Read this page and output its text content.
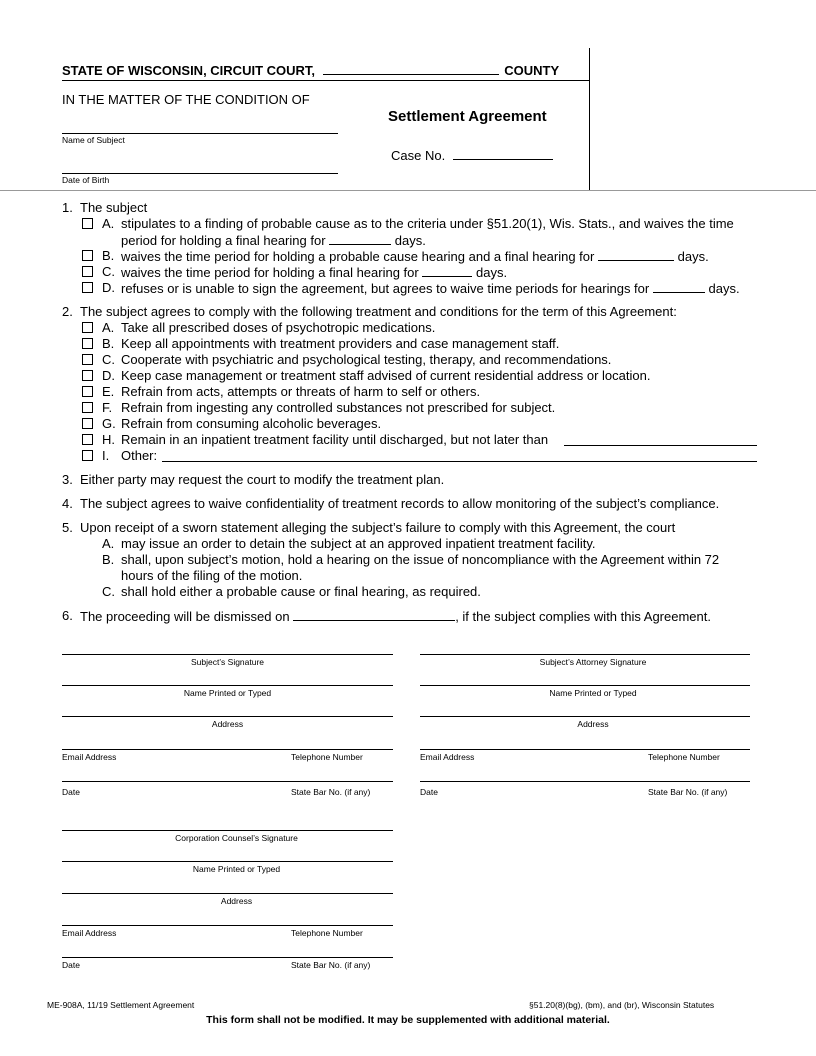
STATE OF WISCONSIN, CIRCUIT COURT,	COUNTY
IN THE MATTER OF THE CONDITION OF
Name of Subject
Date of Birth
Settlement Agreement
Case No.
1. The subject
A. stipulates to a finding of probable cause as to the criteria under §51.20(1), Wis. Stats., and waives the time
period for holding a final hearing for	days.
B. waives the time period for holding a probable cause hearing and a final hearing for	days.
C. waives the time period for holding a final hearing for	days.
D. refuses or is unable to sign the agreement, but agrees to waive time periods for hearings for	days.
2. The subject agrees to comply with the following treatment and conditions for the term of this Agreement:
A. Take all prescribed doses of psychotropic medications.
B. Keep all appointments with treatment providers and case management staff.
C. Cooperate with psychiatric and psychological testing, therapy, and recommendations.
D. Keep case management or treatment staff advised of current residential address or location.
E. Refrain from acts, attempts or threats of harm to self or others.
F. Refrain from ingesting any controlled substances not prescribed for subject.
G. Refrain from consuming alcoholic beverages.
H. Remain in an inpatient treatment facility until discharged, but not later than
I. Other:
3. Either party may request the court to modify the treatment plan.
4. The subject agrees to waive confidentiality of treatment records to allow monitoring of the subject’s compliance.
5. Upon receipt of a sworn statement alleging the subject’s failure to comply with this Agreement, the court
A. may issue an order to detain the subject at an approved inpatient treatment facility.
B. shall, upon subject’s motion, hold a hearing on the issue of noncompliance with the Agreement within 72
hours of the filing of the motion.
C. shall hold either a probable cause or final hearing, as required.
6. The proceeding will be dismissed on	, if the subject complies with this Agreement.
Subject’s Signature
Name Printed or Typed
Address
Email Address	Telephone Number
Date	State Bar No. (if any)
Subject’s Attorney Signature
Name Printed or Typed
Address
Email Address	Telephone Number
Date	State Bar No. (if any)
Corporation Counsel’s Signature
Name Printed or Typed
Address
Email Address	Telephone Number
Date	State Bar No. (if any)
ME-908A, 11/19 Settlement Agreement	§51.20(8)(bg), (bm), and (br), Wisconsin Statutes
This form shall not be modified. It may be supplemented with additional material.
